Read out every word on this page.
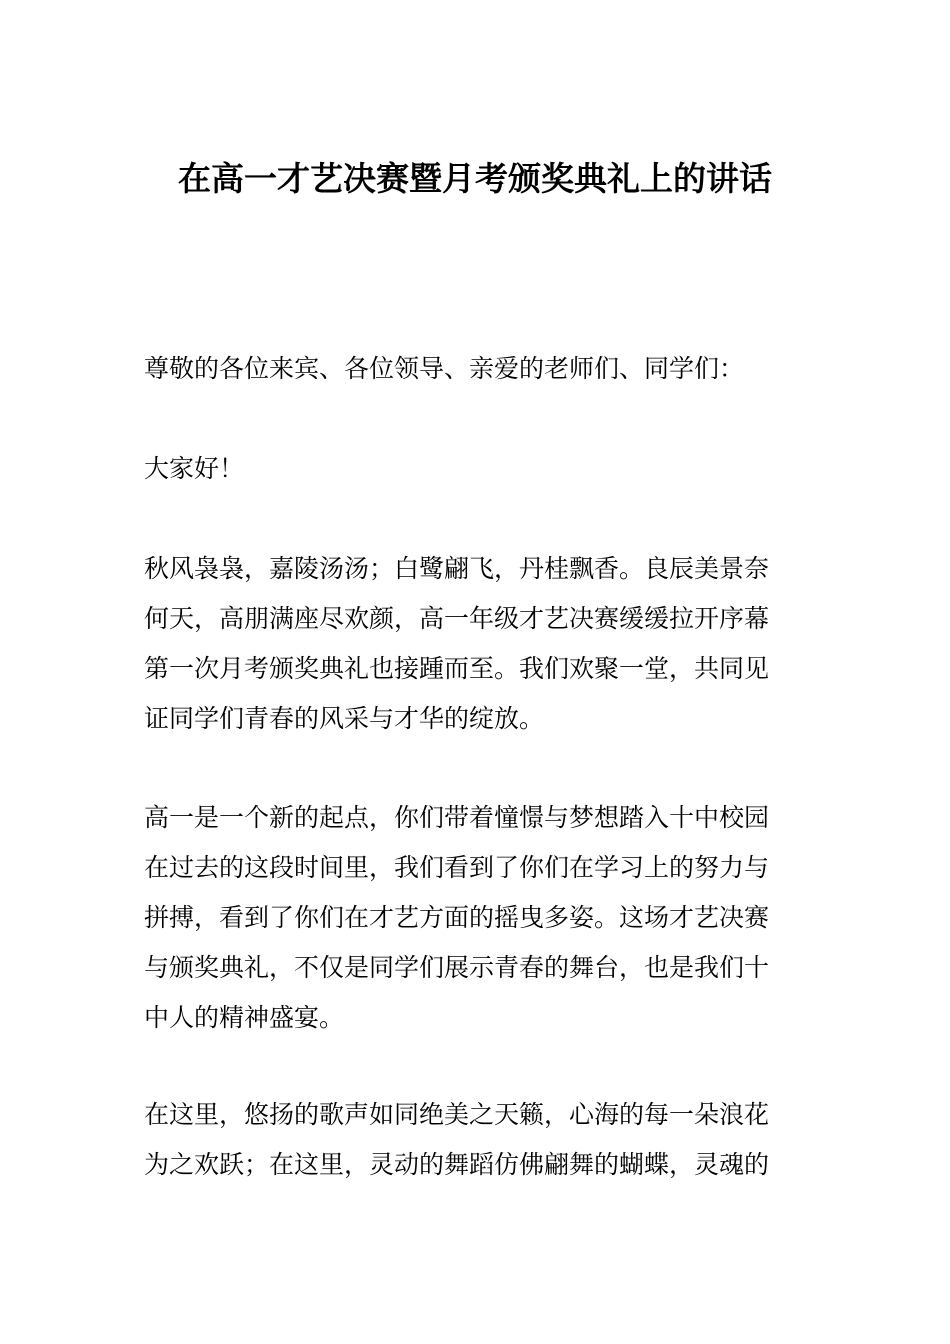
在高一才艺决赛暨月考颁奖典礼上的讲话

尊敬的各位来宾、各位领导、亲爱的老师们、同学们：

大家好！

秋风袅袅，嘉陵汤汤；白鹭翩飞，丹桂飘香。良辰美景奈
何天，高朋满座尽欢颜，高一年级才艺决赛缓缓拉开序幕
第一次月考颁奖典礼也接踵而至。我们欢聚一堂，共同见
证同学们青春的风采与才华的绽放。

高一是一个新的起点，你们带着憧憬与梦想踏入十中校园
在过去的这段时间里，我们看到了你们在学习上的努力与
拼搏，看到了你们在才艺方面的摇曳多姿。这场才艺决赛
与颁奖典礼，不仅是同学们展示青春的舞台，也是我们十
中人的精神盛宴。

在这里，悠扬的歌声如同绝美之天籁，心海的每一朵浪花
为之欢跃；在这里，灵动的舞蹈仿佛翩舞的蝴蝶，灵魂的
